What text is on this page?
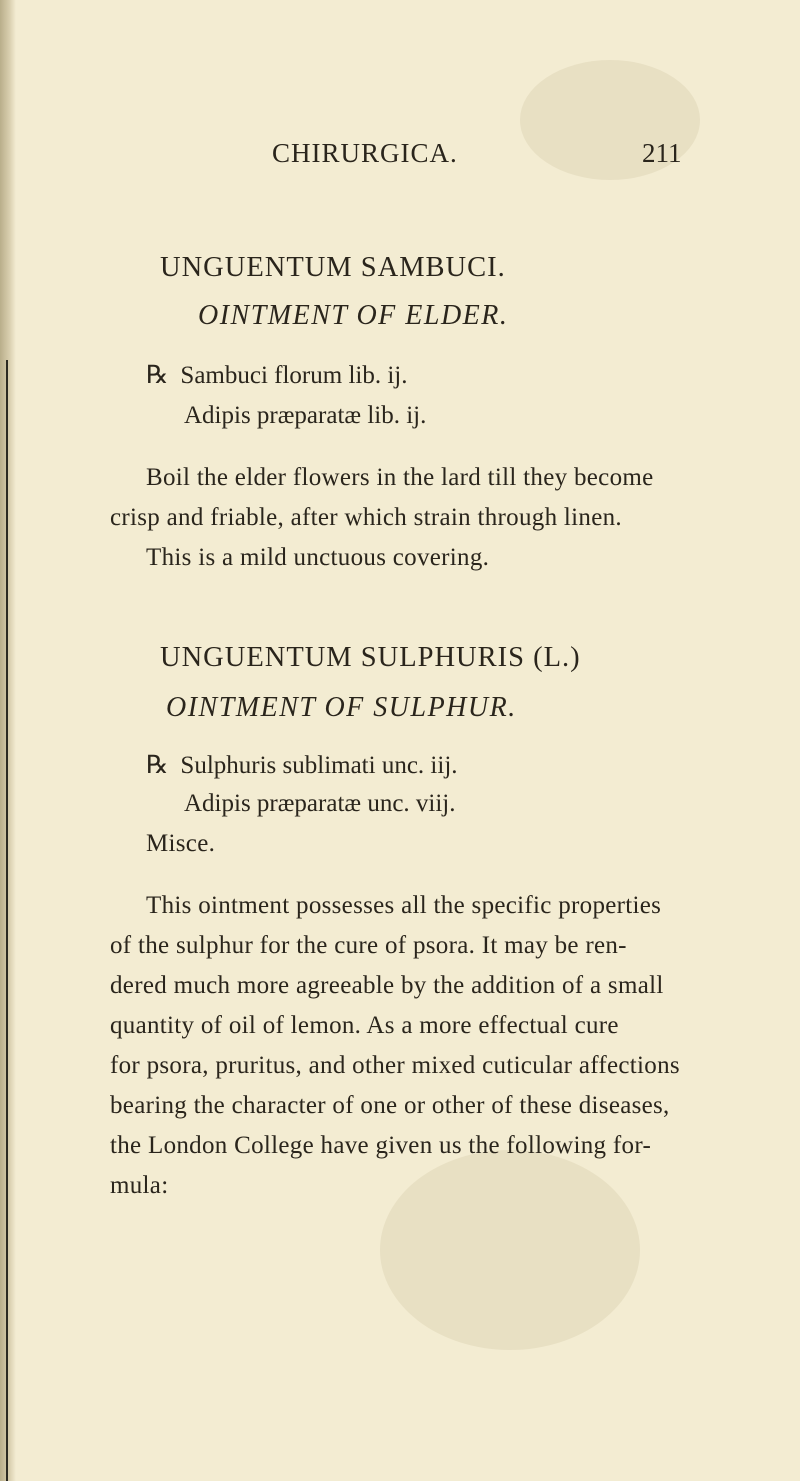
CHIRURGICA.	211
UNGUENTUM SAMBUCI.
OINTMENT OF ELDER.
℞ Sambuci florum lib. ij.
Adipis præparatæ lib. ij.
Boil the elder flowers in the lard till they become
crisp and friable, after which strain through linen.
This is a mild unctuous covering.
UNGUENTUM SULPHURIS (L.)
OINTMENT OF SULPHUR.
℞ Sulphuris sublimati unc. iij.
Adipis præparatæ unc. viij.
Misce.
This ointment possesses all the specific properties
of the sulphur for the cure of psora. It may be ren-
dered much more agreeable by the addition of a small
quantity of oil of lemon. As a more effectual cure
for psora, pruritus, and other mixed cuticular affections
bearing the character of one or other of these diseases,
the London College have given us the following for-
mula:
